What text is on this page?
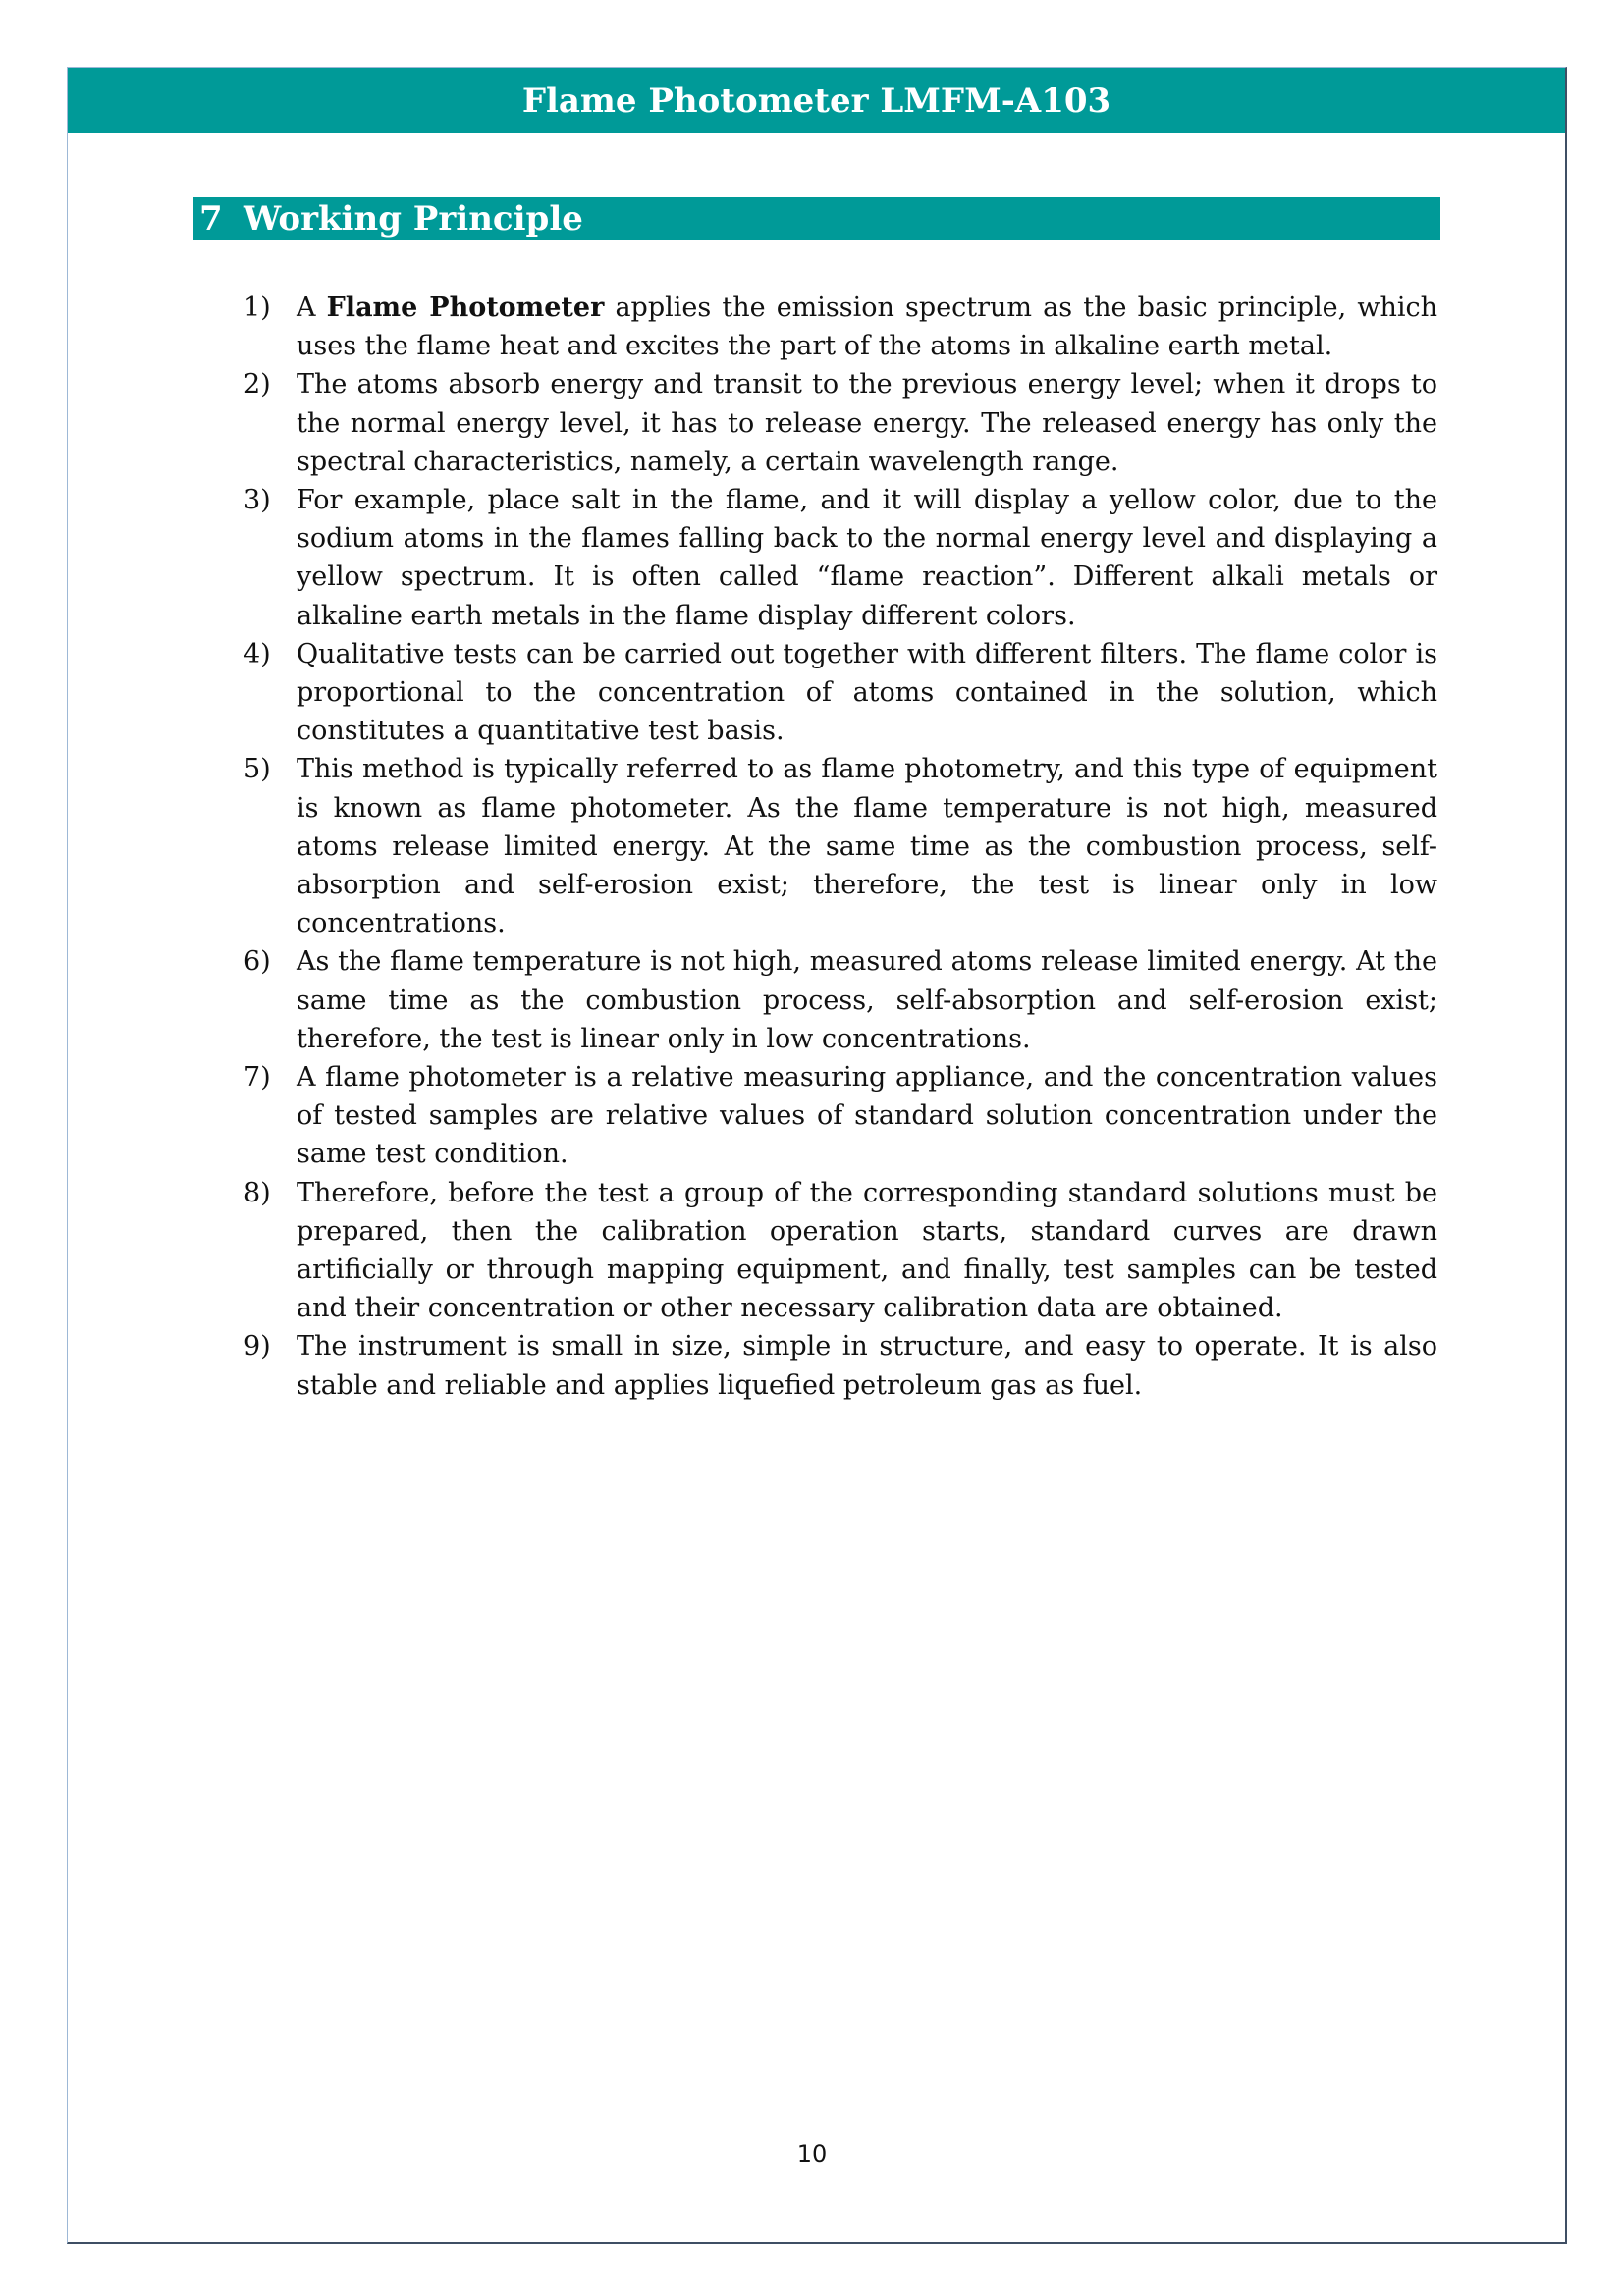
Flame Photometer LMFM-A103
7 Working Principle
1) A Flame Photometer applies the emission spectrum as the basic principle, which uses the flame heat and excites the part of the atoms in alkaline earth metal.
2) The atoms absorb energy and transit to the previous energy level; when it drops to the normal energy level, it has to release energy. The released energy has only the spectral characteristics, namely, a certain wavelength range.
3) For example, place salt in the flame, and it will display a yellow color, due to the sodium atoms in the flames falling back to the normal energy level and displaying a yellow spectrum. It is often called “flame reaction”. Different alkali metals or alkaline earth metals in the flame display different colors.
4) Qualitative tests can be carried out together with different filters. The flame color is proportional to the concentration of atoms contained in the solution, which constitutes a quantitative test basis.
5) This method is typically referred to as flame photometry, and this type of equipment is known as flame photometer. As the flame temperature is not high, measured atoms release limited energy. At the same time as the combustion process, self-absorption and self-erosion exist; therefore, the test is linear only in low concentrations.
6) As the flame temperature is not high, measured atoms release limited energy. At the same time as the combustion process, self-absorption and self-erosion exist; therefore, the test is linear only in low concentrations.
7) A flame photometer is a relative measuring appliance, and the concentration values of tested samples are relative values of standard solution concentration under the same test condition.
8) Therefore, before the test a group of the corresponding standard solutions must be prepared, then the calibration operation starts, standard curves are drawn artificially or through mapping equipment, and finally, test samples can be tested and their concentration or other necessary calibration data are obtained.
9) The instrument is small in size, simple in structure, and easy to operate. It is also stable and reliable and applies liquefied petroleum gas as fuel.
10
